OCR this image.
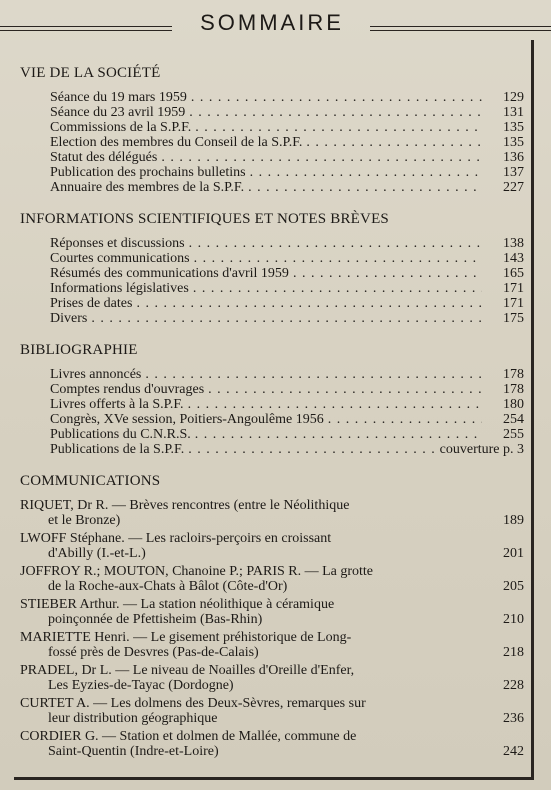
SOMMAIRE
VIE DE LA SOCIÉTÉ
Séance du 19 mars 1959 . . .	129
Séance du 23 avril 1959 . . .	131
Commissions de la S.P.F. . . .	135
Election des membres du Conseil de la S.P.F. . . .	135
Statut des délégués . . .	136
Publication des prochains bulletins . . .	137
Annuaire des membres de la S.P.F. . . .	227
INFORMATIONS SCIENTIFIQUES ET NOTES BRÈVES
Réponses et discussions . . .	138
Courtes communications . . .	143
Résumés des communications d'avril 1959 . . .	165
Informations législatives . . .	171
Prises de dates . . .	171
Divers . . .	175
BIBLIOGRAPHIE
Livres annoncés . . .	178
Comptes rendus d'ouvrages . . .	178
Livres offerts à la S.P.F. . . .	180
Congrès, XVe session, Poitiers-Angoulême 1956 . . .	254
Publications du C.N.R.S. . . .	255
Publications de la S.P.F. . . .	couverture p. 3
COMMUNICATIONS
RIQUET, Dr R. — Brèves rencontres (entre le Néolithique
et le Bronze)	189
LWOFF Stéphane. — Les racloirs-perçoirs en croissant
d'Abilly (I.-et-L.)	201
JOFFROY R.; MOUTON, Chanoine P.; PARIS R. — La grotte
de la Roche-aux-Chats à Bâlot (Côte-d'Or)	205
STIEBER Arthur. — La station néolithique à céramique
poinçonnée de Pfettisheim (Bas-Rhin)	210
MARIETTE Henri. — Le gisement préhistorique de Long-
fossé près de Desvres (Pas-de-Calais)	218
PRADEL, Dr L. — Le niveau de Noailles d'Oreille d'Enfer,
Les Eyzies-de-Tayac (Dordogne)	228
CURTET A. — Les dolmens des Deux-Sèvres, remarques sur
leur distribution géographique	236
CORDIER G. — Station et dolmen de Mallée, commune de
Saint-Quentin (Indre-et-Loire)	242
